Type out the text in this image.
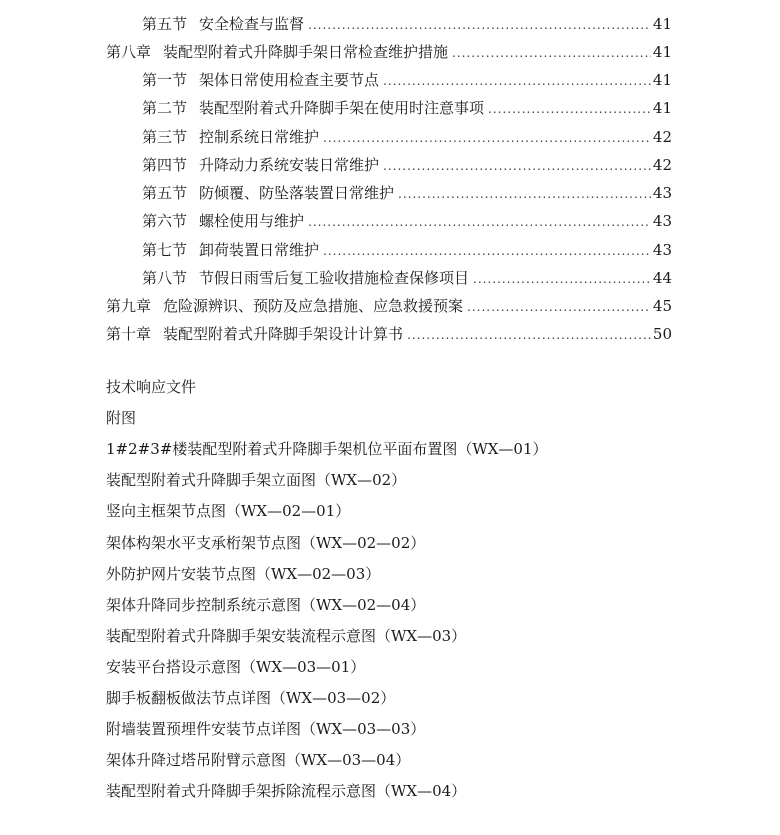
第五节 安全检查与监督 .....	41
第八章 装配型附着式升降脚手架日常检查维护措施 .....	41
第一节 架体日常使用检查主要节点 .....	41
第二节 装配型附着式升降脚手架在使用时注意事项 .....	41
第三节 控制系统日常维护 .....	42
第四节 升降动力系统安装日常维护 .....	42
第五节 防倾覆、防坠落装置日常维护 .....	43
第六节 螺栓使用与维护 .....	43
第七节 卸荷装置日常维护 .....	43
第八节 节假日雨雪后复工验收措施检查保修项目 .....	44
第九章 危险源辨识、预防及应急措施、应急救援预案 .....	45
第十章 装配型附着式升降脚手架设计计算书 .....	50
技术响应文件
附图
1#2#3#楼装配型附着式升降脚手架机位平面布置图（WX—01）
装配型附着式升降脚手架立面图（WX—02）
竖向主框架节点图（WX—02—01）
架体构架水平支承桁架节点图（WX—02—02）
外防护网片安装节点图（WX—02—03）
架体升降同步控制系统示意图（WX—02—04）
装配型附着式升降脚手架安装流程示意图（WX—03）
安装平台搭设示意图（WX—03—01）
脚手板翻板做法节点详图（WX—03—02）
附墙装置预埋件安装节点详图（WX—03—03）
架体升降过塔吊附臂示意图（WX—03—04）
装配型附着式升降脚手架拆除流程示意图（WX—04）
